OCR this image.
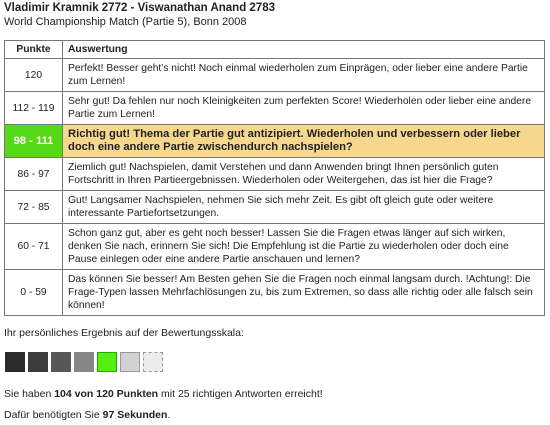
Vladimir Kramnik 2772 - Viswanathan Anand 2783
World Championship Match (Partie 5), Bonn 2008
Punkte	Auswertung
120	Perfekt! Besser geht's nicht! Noch einmal wiederholen zum Einprägen, oder lieber eine andere Partie zum Lernen!
112 - 119	Sehr gut! Da fehlen nur noch Kleinigkeiten zum perfekten Score! Wiederholen oder lieber eine andere Partie zum Lernen!
98 - 111	Richtig gut! Thema der Partie gut antizipiert. Wiederholen und verbessern oder lieber doch eine andere Partie zwischendurch nachspielen?
86 - 97	Ziemlich gut! Nachspielen, damit Verstehen und dann Anwenden bringt Ihnen persönlich guten Fortschritt in Ihren Partieergebnissen. Wiederholen oder Weitergehen, das ist hier die Frage?
72 - 85	Gut! Langsamer Nachspielen, nehmen Sie sich mehr Zeit. Es gibt oft gleich gute oder weitere interessante Partiefortsetzungen.
60 - 71	Schon ganz gut, aber es geht noch besser! Lassen Sie die Fragen etwas länger auf sich wirken, denken Sie nach, erinnern Sie sich! Die Empfehlung ist die Partie zu wiederholen oder doch eine Pause einlegen oder eine andere Partie anschauen und lernen?
0 - 59	Das können Sie besser! Am Besten gehen Sie die Fragen noch einmal langsam durch. !Achtung!: Die Frage-Typen lassen Mehrfachlösungen zu, bis zum Extremen, so dass alle richtig oder alle falsch sein können!
Ihr persönliches Ergebnis auf der Bewertungsskala:
Sie haben 104 von 120 Punkten mit 25 richtigen Antworten erreicht!
Dafür benötigten Sie 97 Sekunden.
